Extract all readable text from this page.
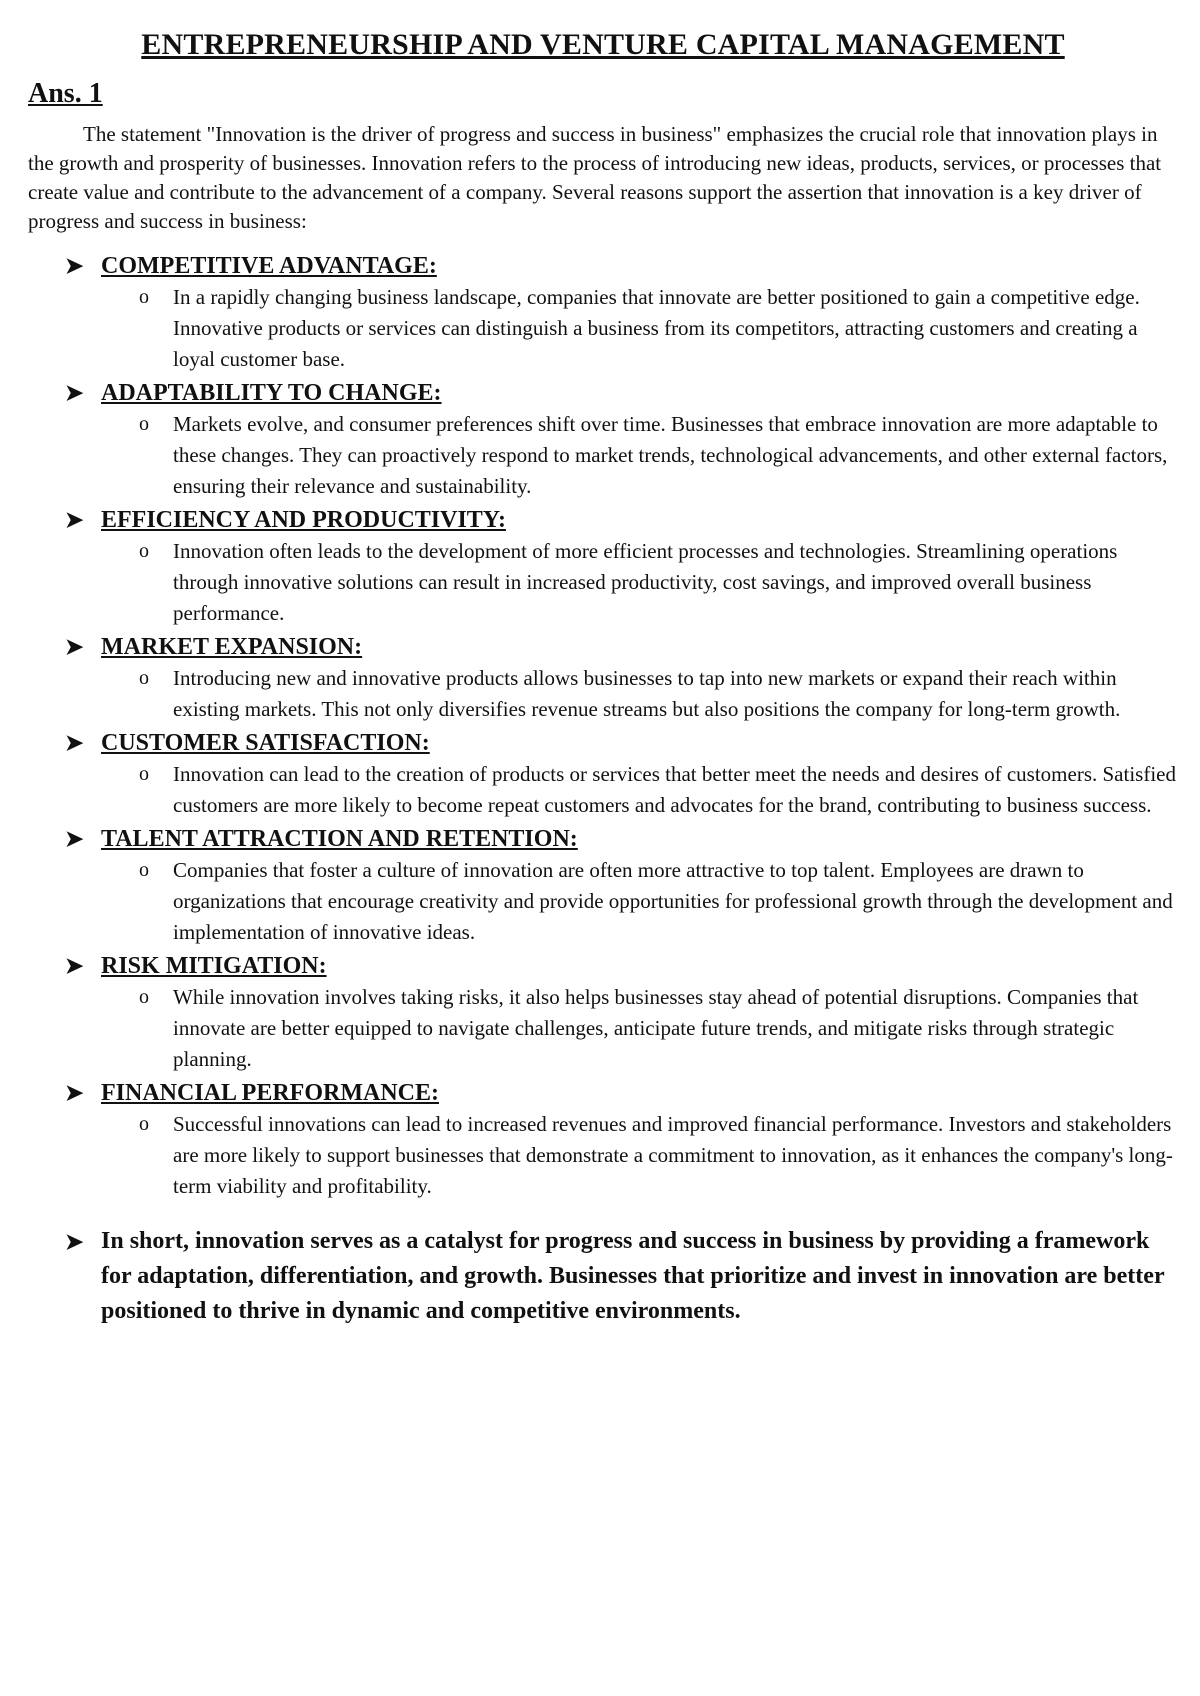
ENTREPRENEURSHIP AND VENTURE CAPITAL MANAGEMENT
Ans. 1
The statement "Innovation is the driver of progress and success in business" emphasizes the crucial role that innovation plays in the growth and prosperity of businesses. Innovation refers to the process of introducing new ideas, products, services, or processes that create value and contribute to the advancement of a company. Several reasons support the assertion that innovation is a key driver of progress and success in business:
➤ COMPETITIVE ADVANTAGE:
o In a rapidly changing business landscape, companies that innovate are better positioned to gain a competitive edge. Innovative products or services can distinguish a business from its competitors, attracting customers and creating a loyal customer base.
➤ ADAPTABILITY TO CHANGE:
o Markets evolve, and consumer preferences shift over time. Businesses that embrace innovation are more adaptable to these changes. They can proactively respond to market trends, technological advancements, and other external factors, ensuring their relevance and sustainability.
➤ EFFICIENCY AND PRODUCTIVITY:
o Innovation often leads to the development of more efficient processes and technologies. Streamlining operations through innovative solutions can result in increased productivity, cost savings, and improved overall business performance.
➤ MARKET EXPANSION:
o Introducing new and innovative products allows businesses to tap into new markets or expand their reach within existing markets. This not only diversifies revenue streams but also positions the company for long-term growth.
➤ CUSTOMER SATISFACTION:
o Innovation can lead to the creation of products or services that better meet the needs and desires of customers. Satisfied customers are more likely to become repeat customers and advocates for the brand, contributing to business success.
➤ TALENT ATTRACTION AND RETENTION:
o Companies that foster a culture of innovation are often more attractive to top talent. Employees are drawn to organizations that encourage creativity and provide opportunities for professional growth through the development and implementation of innovative ideas.
➤ RISK MITIGATION:
o While innovation involves taking risks, it also helps businesses stay ahead of potential disruptions. Companies that innovate are better equipped to navigate challenges, anticipate future trends, and mitigate risks through strategic planning.
➤ FINANCIAL PERFORMANCE:
o Successful innovations can lead to increased revenues and improved financial performance. Investors and stakeholders are more likely to support businesses that demonstrate a commitment to innovation, as it enhances the company's long-term viability and profitability.
➤ In short, innovation serves as a catalyst for progress and success in business by providing a framework for adaptation, differentiation, and growth. Businesses that prioritize and invest in innovation are better positioned to thrive in dynamic and competitive environments.
